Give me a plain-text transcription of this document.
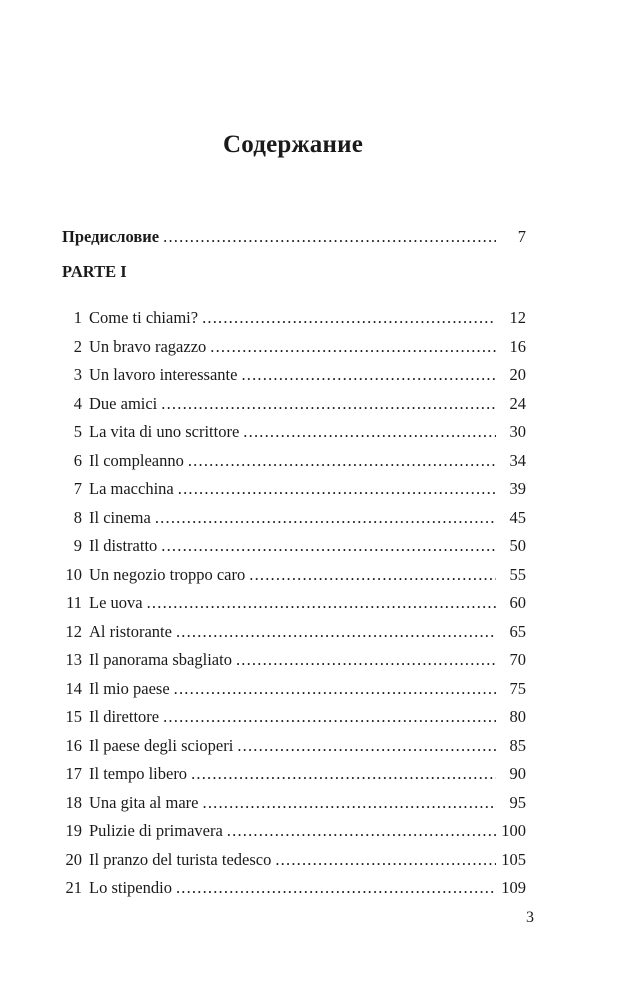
Содержание
Предисловие .....	7
PARTE I
1 Come ti chiami? .....	12
2 Un bravo ragazzo .....	16
3 Un lavoro interessante .....	20
4 Due amici .....	24
5 La vita di uno scrittore .....	30
6 Il compleanno .....	34
7 La macchina .....	39
8 Il cinema .....	45
9 Il distratto .....	50
10 Un negozio troppo caro .....	55
11 Le uova .....	60
12 Al ristorante .....	65
13 Il panorama sbagliato .....	70
14 Il mio paese .....	75
15 Il direttore .....	80
16 Il paese degli scioperi .....	85
17 Il tempo libero .....	90
18 Una gita al mare .....	95
19 Pulizie di primavera .....	100
20 Il pranzo del turista tedesco .....	105
21 Lo stipendio .....	109
3
